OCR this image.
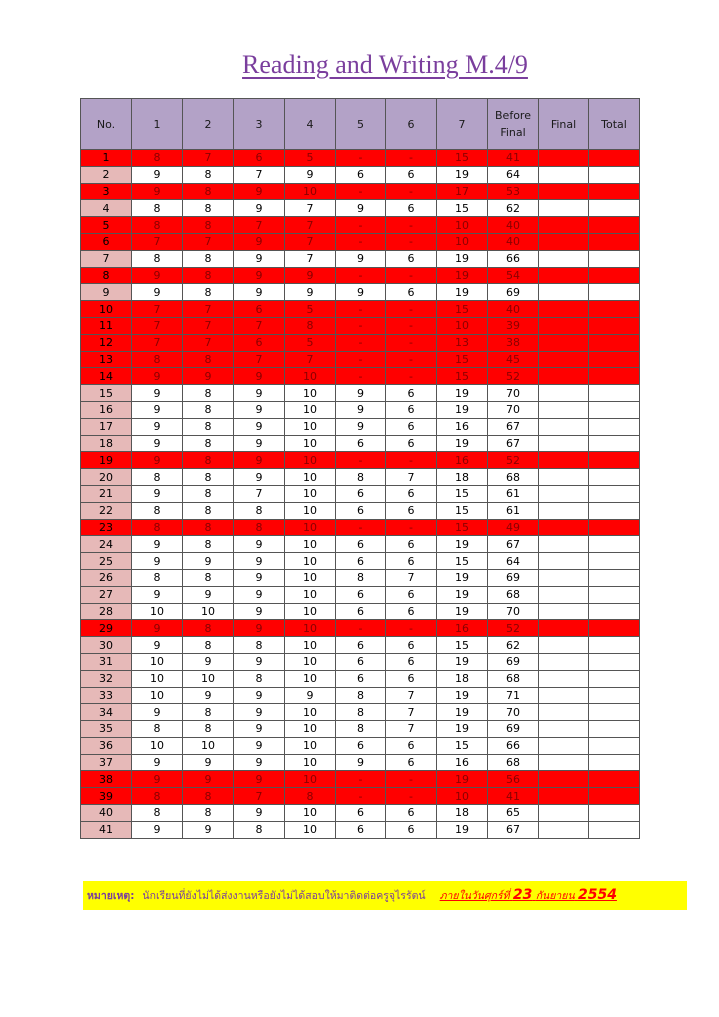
Reading and Writing M.4/9
No.	1	2	3	4	5	6	7	Before Final	Final	Total
1	8	7	6	5	-	-	15	41		
2	9	8	7	9	6	6	19	64		
3	9	8	9	10	-	-	17	53		
4	8	8	9	7	9	6	15	62		
5	8	8	7	7	-	-	10	40		
6	7	7	9	7	-	-	10	40		
7	8	8	9	7	9	6	19	66		
8	9	8	9	9	-	-	19	54		
9	9	8	9	9	9	6	19	69		
10	7	7	6	5	-	-	15	40		
11	7	7	7	8	-	-	10	39		
12	7	7	6	5	-	-	13	38		
13	8	8	7	7	-	-	15	45		
14	9	9	9	10	-	-	15	52		
15	9	8	9	10	9	6	19	70		
16	9	8	9	10	9	6	19	70		
17	9	8	9	10	9	6	16	67		
18	9	8	9	10	6	6	19	67		
19	9	8	9	10	-	-	16	52		
20	8	8	9	10	8	7	18	68		
21	9	8	7	10	6	6	15	61		
22	8	8	8	10	6	6	15	61		
23	8	8	8	10	-	-	15	49		
24	9	8	9	10	6	6	19	67		
25	9	9	9	10	6	6	15	64		
26	8	8	9	10	8	7	19	69		
27	9	9	9	10	6	6	19	68		
28	10	10	9	10	6	6	19	70		
29	9	8	9	10	-	-	16	52		
30	9	8	8	10	6	6	15	62		
31	10	9	9	10	6	6	19	69		
32	10	10	8	10	6	6	18	68		
33	10	9	9	9	8	7	19	71		
34	9	8	9	10	8	7	19	70		
35	8	8	9	10	8	7	19	69		
36	10	10	9	10	6	6	15	66		
37	9	9	9	10	9	6	16	68		
38	9	9	9	10	-	-	19	56		
39	8	8	7	8	-	-	10	41		
40	8	8	9	10	6	6	18	65		
41	9	9	8	10	6	6	19	67		
หมายเหตุ: นักเรียนที่ยังไม่ได้ส่งงานหรือยังไม่ได้สอบให้มาติดต่อครูจุไรรัตน์ ภายในวันศุกร์ที่ 23 กันยายน 2554
